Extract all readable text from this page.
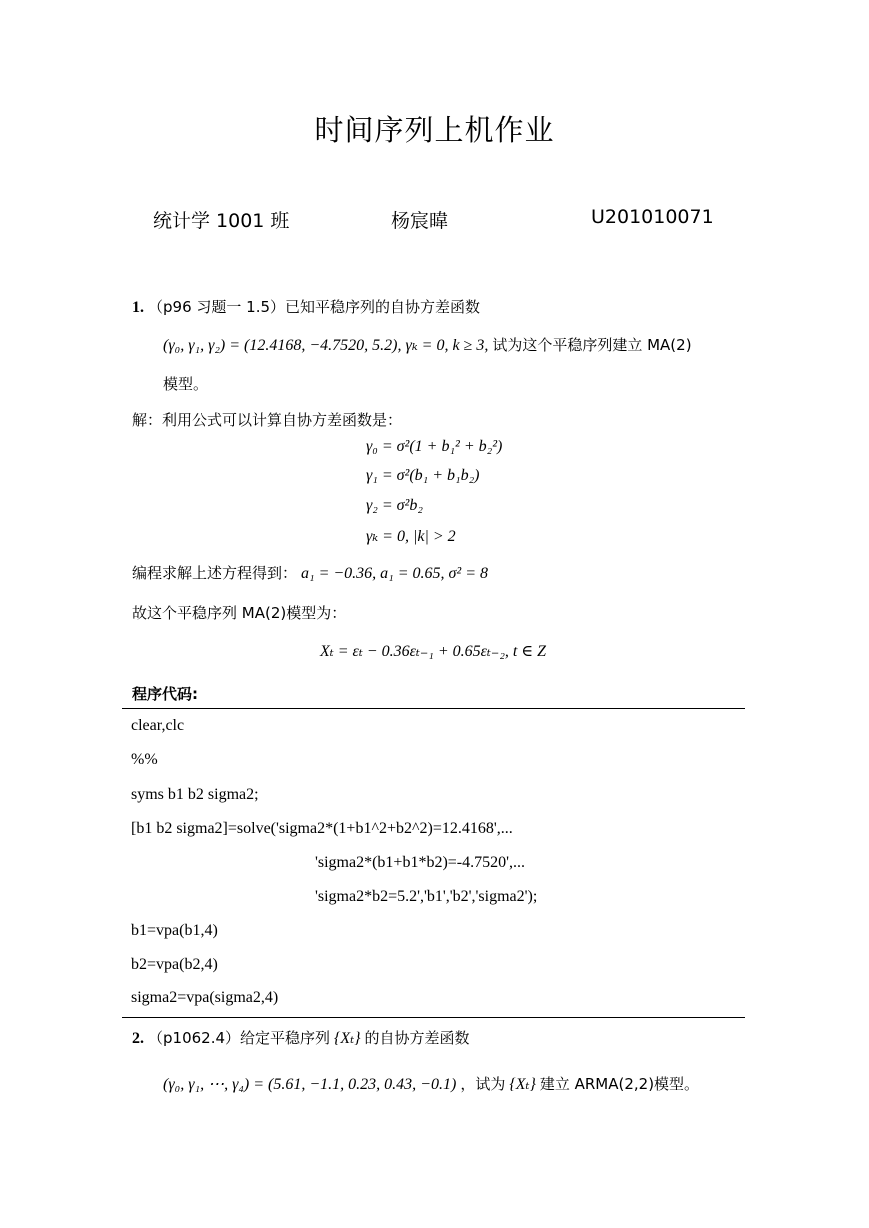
时间序列上机作业
统计学 1001 班	杨宸暐	U201010071
1. （p96 习题一 1.5）已知平稳序列的自协方差函数
(γ₀, γ₁, γ₂) = (12.4168, −4.7520, 5.2), γₖ = 0, k ≥ 3, 试为这个平稳序列建立 MA(2)
模型。
解：利用公式可以计算自协方差函数是：
γ₀ = σ²(1 + b₁² + b₂²)
γ₁ = σ²(b₁ + b₁b₂)
γ₂ = σ²b₂
γₖ = 0, |k| > 2
编程求解上述方程得到： a₁ = −0.36, a₁ = 0.65, σ² = 8
故这个平稳序列 MA(2)模型为：
Xₜ = εₜ − 0.36εₜ₋₁ + 0.65εₜ₋₂, t ∈ Z
程序代码:
clear,clc
%%
syms b1 b2 sigma2;
[b1 b2 sigma2]=solve('sigma2*(1+b1^2+b2^2)=12.4168',...
'sigma2*(b1+b1*b2)=-4.7520',...
'sigma2*b2=5.2','b1','b2','sigma2');
b1=vpa(b1,4)
b2=vpa(b2,4)
sigma2=vpa(sigma2,4)
2. （p1062.4）给定平稳序列 {Xₜ} 的自协方差函数
(γ₀, γ₁, ⋯, γ₄) = (5.61, −1.1, 0.23, 0.43, −0.1) ，试为 {Xₜ} 建立 ARMA(2,2)模型。
